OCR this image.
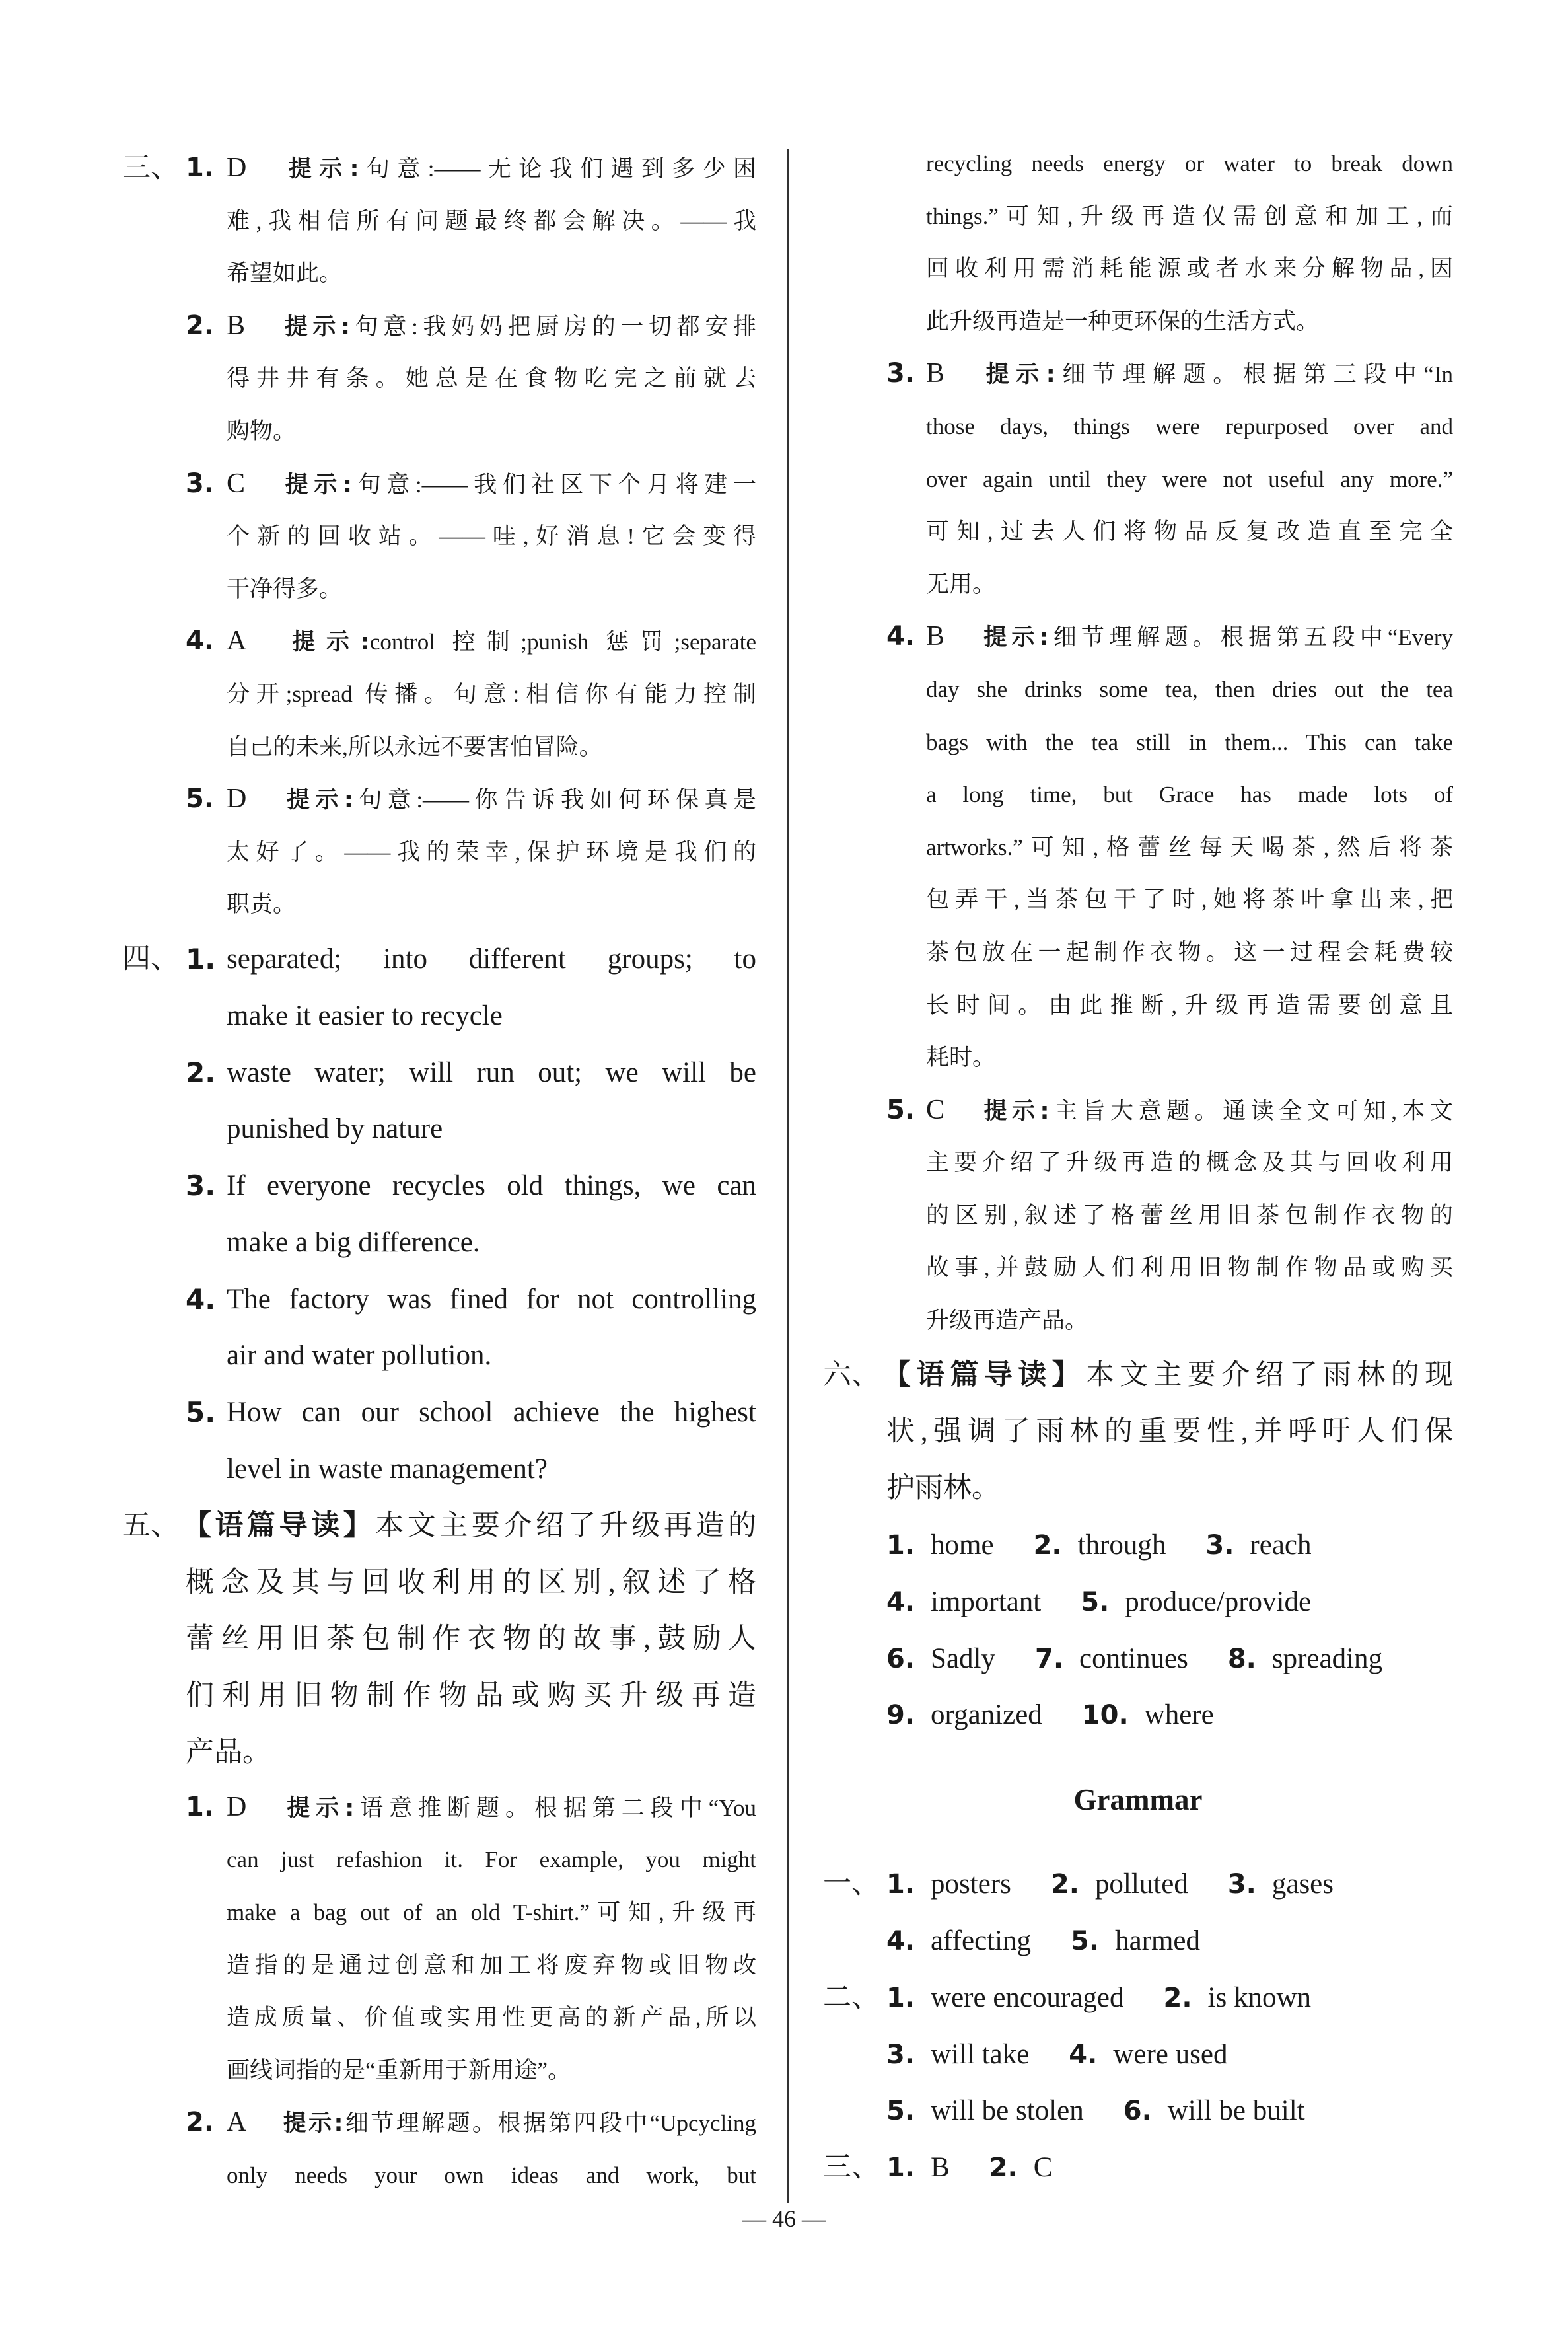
三、 1. D 提示:句意:——无论我们遇到多少困
难,我相信所有问题最终都会解决。——我
希望如此。
2. B 提示:句意:我妈妈把厨房的一切都安排
得井井有条。她总是在食物吃完之前就去
购物。
3. C 提示:句意:——我们社区下个月将建一
个新的回收站。——哇,好消息!它会变得
干净得多。
4. A 提示:control 控制;punish 惩罚;separate
分开;spread 传播。句意:相信你有能力控制
自己的未来,所以永远不要害怕冒险。
5. D 提示:句意:——你告诉我如何环保真是
太好了。——我的荣幸,保护环境是我们的
职责。
四、 1. separated; into different groups; to
make it easier to recycle
2. waste water; will run out; we will be
punished by nature
3. If everyone recycles old things, we can
make a big difference.
4. The factory was fined for not controlling
air and water pollution.
5. How can our school achieve the highest
level in waste management?
五、 【语篇导读】本文主要介绍了升级再造的
概念及其与回收利用的区别,叙述了格
蕾丝用旧茶包制作衣物的故事,鼓励人
们利用旧物制作物品或购买升级再造
产品。
1. D 提示:语意推断题。根据第二段中“You
can just refashion it. For example, you might
make a bag out of an old T-shirt.”可知,升级再
造指的是通过创意和加工将废弃物或旧物改
造成质量、价值或实用性更高的新产品,所以
画线词指的是“重新用于新用途”。
2. A 提示:细节理解题。根据第四段中“Upcycling
only needs your own ideas and work, but
recycling needs energy or water to break down
things.”可知,升级再造仅需创意和加工,而
回收利用需消耗能源或者水来分解物品,因
此升级再造是一种更环保的生活方式。
3. B 提示:细节理解题。根据第三段中“In
those days, things were repurposed over and
over again until they were not useful any more.”
可知,过去人们将物品反复改造直至完全
无用。
4. B 提示:细节理解题。根据第五段中“Every
day she drinks some tea, then dries out the tea
bags with the tea still in them... This can take
a long time, but Grace has made lots of
artworks.”可知,格蕾丝每天喝茶,然后将茶
包弄干,当茶包干了时,她将茶叶拿出来,把
茶包放在一起制作衣物。这一过程会耗费较
长时间。由此推断,升级再造需要创意且
耗时。
5. C 提示:主旨大意题。通读全文可知,本文
主要介绍了升级再造的概念及其与回收利用
的区别,叙述了格蕾丝用旧茶包制作衣物的
故事,并鼓励人们利用旧物制作物品或购买
升级再造产品。
六、 【语篇导读】本文主要介绍了雨林的现
状,强调了雨林的重要性,并呼吁人们保
护雨林。
1. home 2. through 3. reach
4. important 5. produce/provide
6. Sadly 7. continues 8. spreading
9. organized 10. where
Grammar
一、 1. posters 2. polluted 3. gases
4. affecting 5. harmed
二、 1. were encouraged 2. is known
3. will take 4. were used
5. will be stolen 6. will be built
三、 1. B 2. C
— 46 —
